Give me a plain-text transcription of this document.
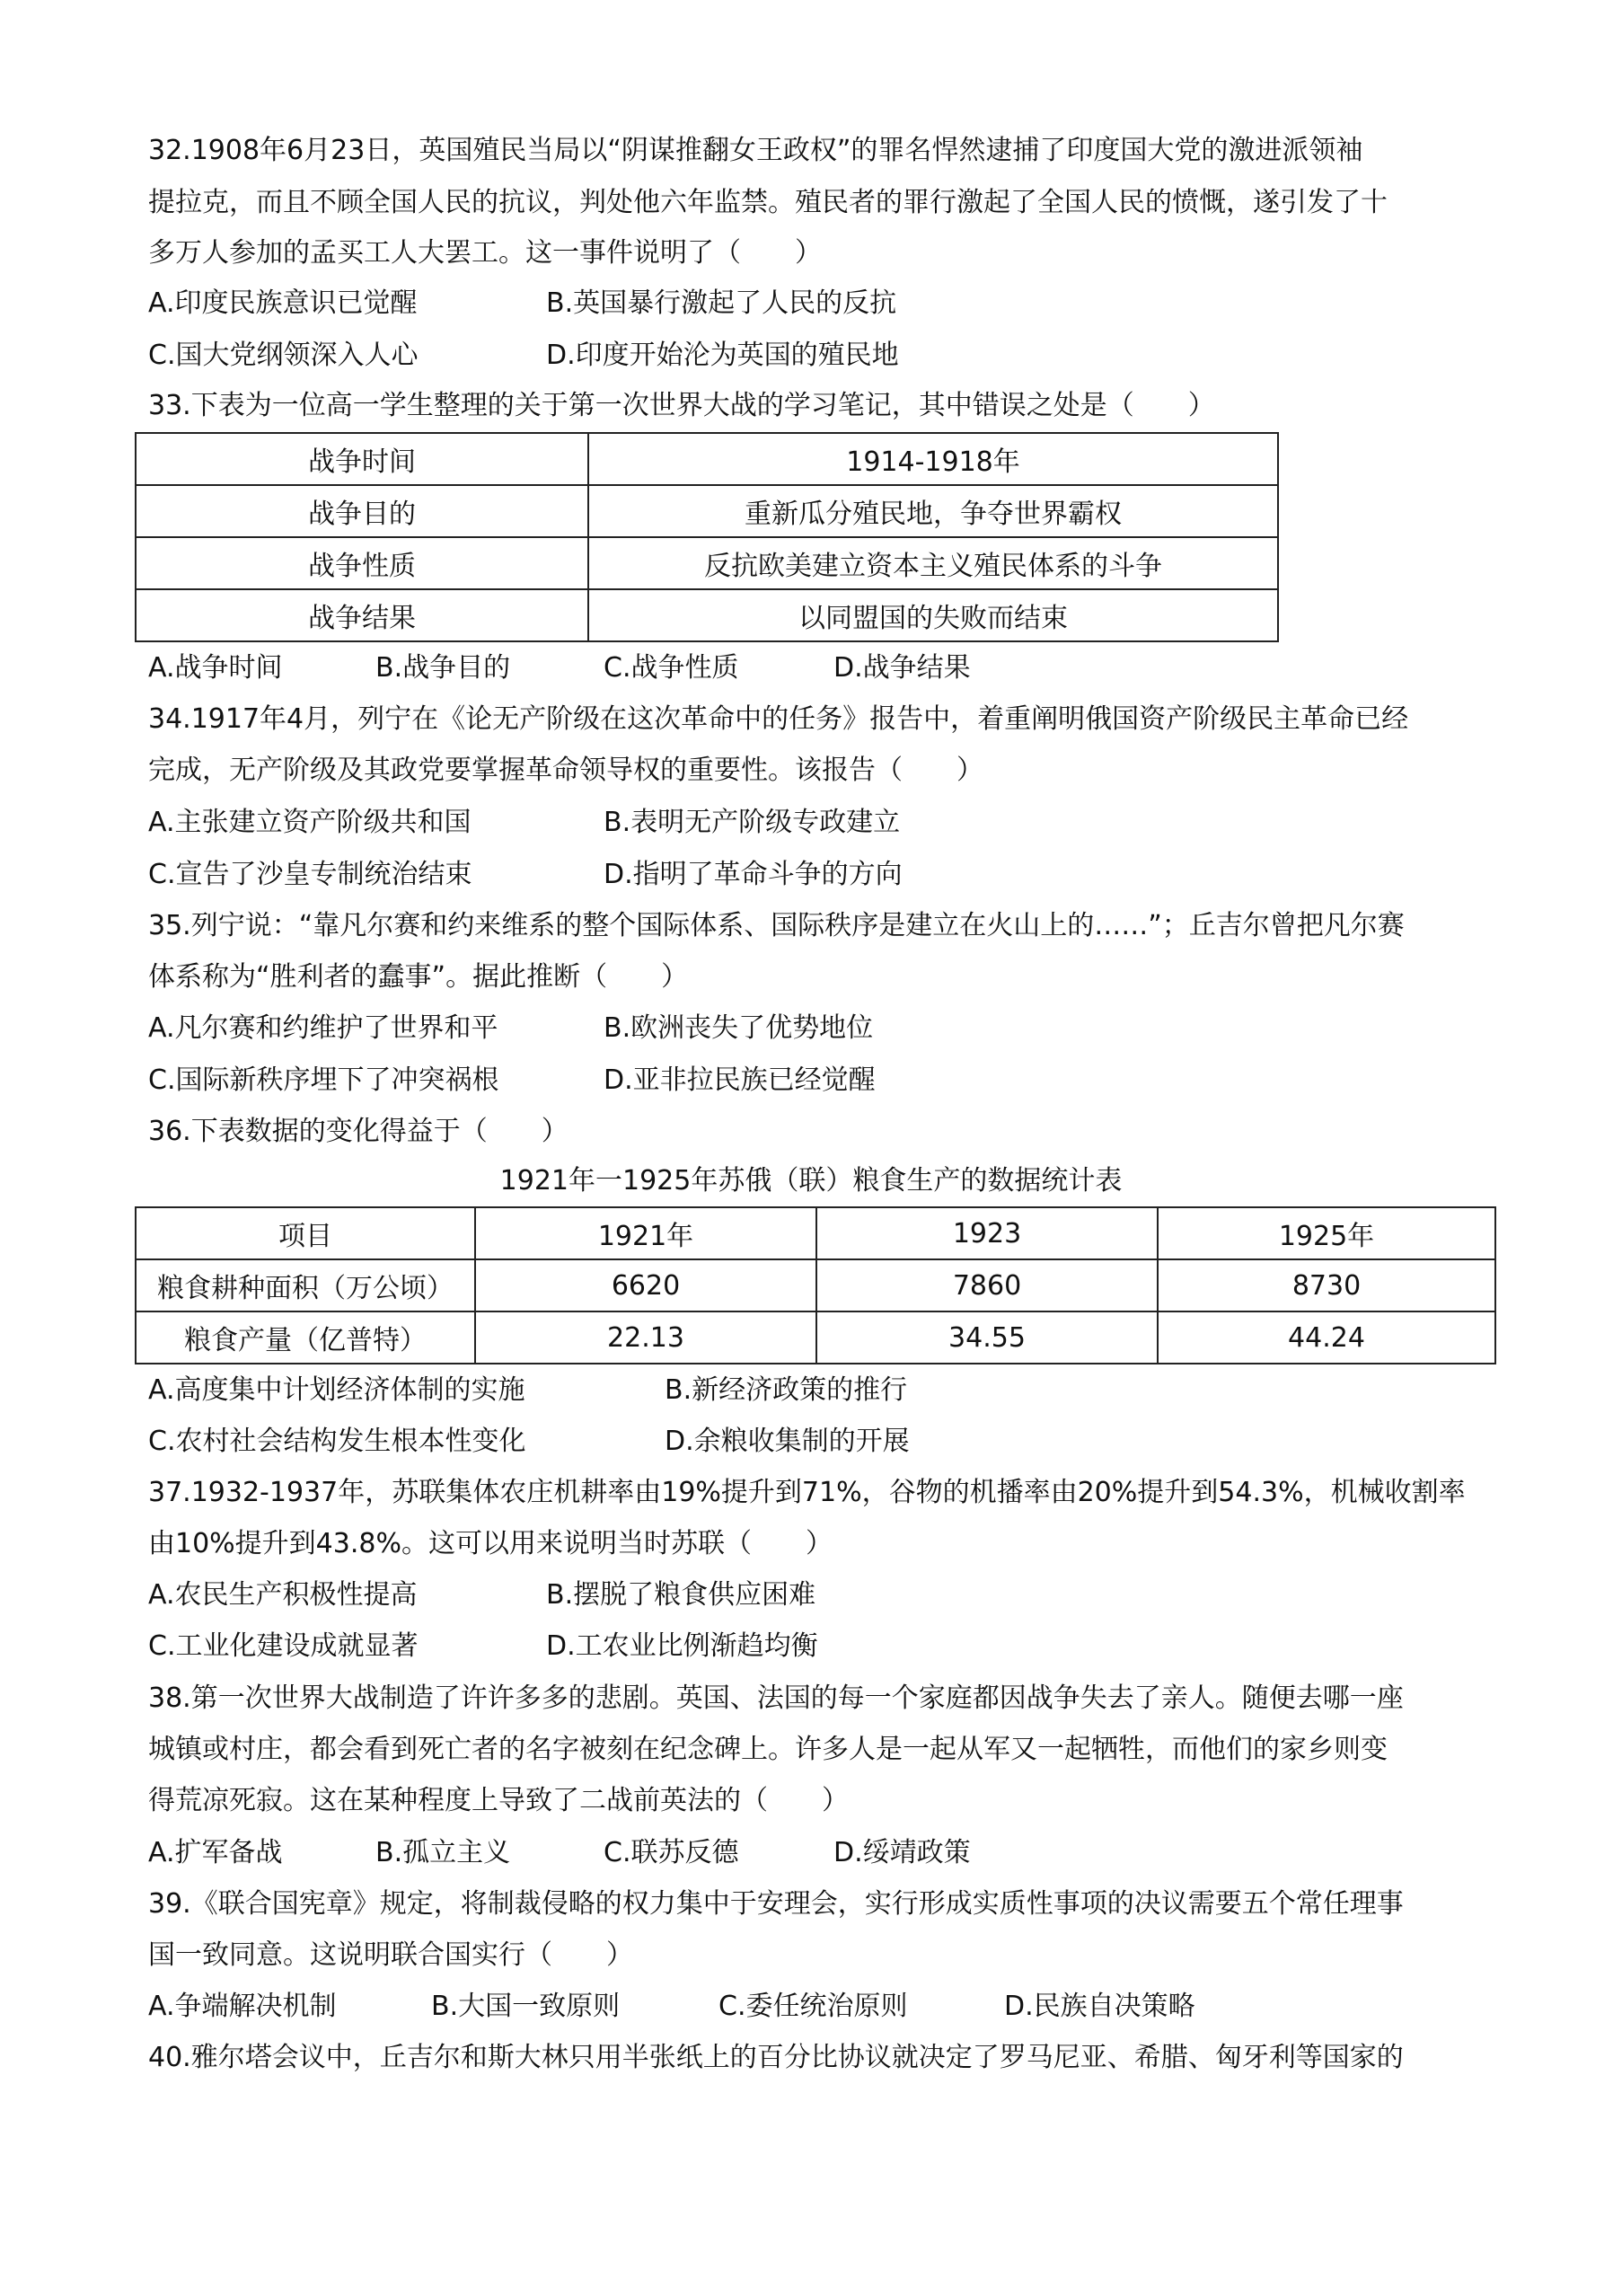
32.1908年6月23日，英国殖民当局以“阴谋推翻女王政权”的罪名悍然逮捕了印度国大党的激进派领袖
提拉克，而且不顾全国人民的抗议，判处他六年监禁。殖民者的罪行激起了全国人民的愤慨，遂引发了十
多万人参加的孟买工人大罢工。这一事件说明了（　　）
A.印度民族意识已觉醒	B.英国暴行激起了人民的反抗
C.国大党纲领深入人心	D.印度开始沦为英国的殖民地
33.下表为一位高一学生整理的关于第一次世界大战的学习笔记，其中错误之处是（　　）
战争时间	1914-1918年
战争目的	重新瓜分殖民地，争夺世界霸权
战争性质	反抗欧美建立资本主义殖民体系的斗争
战争结果	以同盟国的失败而结束
A.战争时间	B.战争目的	C.战争性质	D.战争结果
34.1917年4月，列宁在《论无产阶级在这次革命中的任务》报告中，着重阐明俄国资产阶级民主革命已经
完成，无产阶级及其政党要掌握革命领导权的重要性。该报告（　　）
A.主张建立资产阶级共和国	B.表明无产阶级专政建立
C.宣告了沙皇专制统治结束	D.指明了革命斗争的方向
35.列宁说：“靠凡尔赛和约来维系的整个国际体系、国际秩序是建立在火山上的……”；丘吉尔曾把凡尔赛
体系称为“胜利者的蠢事”。据此推断（　　）
A.凡尔赛和约维护了世界和平	B.欧洲丧失了优势地位
C.国际新秩序埋下了冲突祸根	D.亚非拉民族已经觉醒
36.下表数据的变化得益于（　　）
1921年一1925年苏俄（联）粮食生产的数据统计表
项目	1921年	1923	1925年
粮食耕种面积（万公顷）	6620	7860	8730
粮食产量（亿普特）	22.13	34.55	44.24
A.高度集中计划经济体制的实施	B.新经济政策的推行
C.农村社会结构发生根本性变化	D.余粮收集制的开展
37.1932-1937年，苏联集体农庄机耕率由19%提升到71%，谷物的机播率由20%提升到54.3%，机械收割率
由10%提升到43.8%。这可以用来说明当时苏联（　　）
A.农民生产积极性提高	B.摆脱了粮食供应困难
C.工业化建设成就显著	D.工农业比例渐趋均衡
38.第一次世界大战制造了许许多多的悲剧。英国、法国的每一个家庭都因战争失去了亲人。随便去哪一座
城镇或村庄，都会看到死亡者的名字被刻在纪念碑上。许多人是一起从军又一起牺牲，而他们的家乡则变
得荒凉死寂。这在某种程度上导致了二战前英法的（　　）
A.扩军备战	B.孤立主义	C.联苏反德	D.绥靖政策
39.《联合国宪章》规定，将制裁侵略的权力集中于安理会，实行形成实质性事项的决议需要五个常任理事
国一致同意。这说明联合国实行（　　）
A.争端解决机制	B.大国一致原则	C.委任统治原则	D.民族自决策略
40.雅尔塔会议中，丘吉尔和斯大林只用半张纸上的百分比协议就决定了罗马尼亚、希腊、匈牙利等国家的
